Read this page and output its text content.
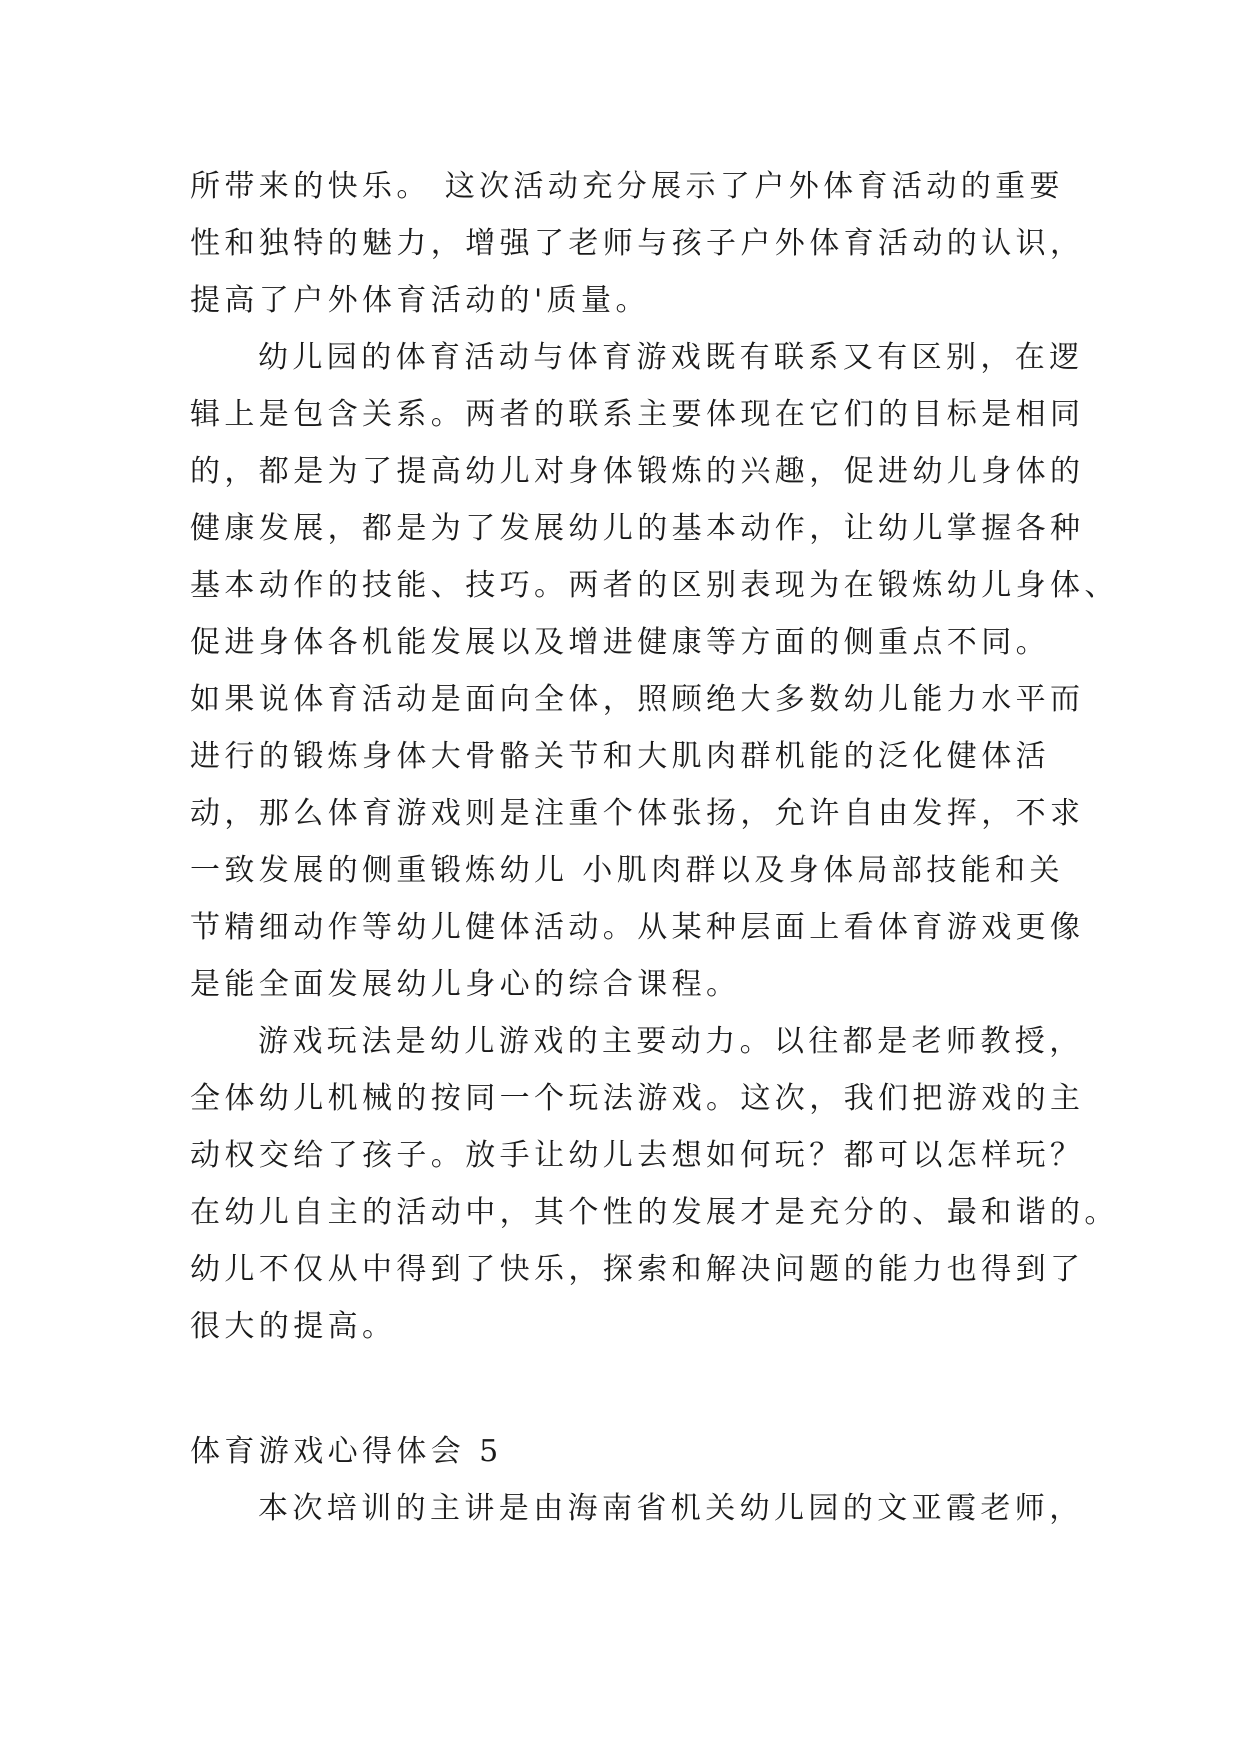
所带来的快乐。 这次活动充分展示了户外体育活动的重要
性和独特的魅力，增强了老师与孩子户外体育活动的认识，
提高了户外体育活动的'质量。
幼儿园的体育活动与体育游戏既有联系又有区别，在逻
辑上是包含关系。两者的联系主要体现在它们的目标是相同
的，都是为了提高幼儿对身体锻炼的兴趣，促进幼儿身体的
健康发展，都是为了发展幼儿的基本动作，让幼儿掌握各种
基本动作的技能、技巧。两者的区别表现为在锻炼幼儿身体、
促进身体各机能发展以及增进健康等方面的侧重点不同。
如果说体育活动是面向全体，照顾绝大多数幼儿能力水平而
进行的锻炼身体大骨骼关节和大肌肉群机能的泛化健体活
动，那么体育游戏则是注重个体张扬，允许自由发挥，不求
一致发展的侧重锻炼幼儿 小肌肉群以及身体局部技能和关
节精细动作等幼儿健体活动。从某种层面上看体育游戏更像
是能全面发展幼儿身心的综合课程。
游戏玩法是幼儿游戏的主要动力。以往都是老师教授，
全体幼儿机械的按同一个玩法游戏。这次，我们把游戏的主
动权交给了孩子。放手让幼儿去想如何玩？都可以怎样玩？
在幼儿自主的活动中，其个性的发展才是充分的、最和谐的。
幼儿不仅从中得到了快乐，探索和解决问题的能力也得到了
很大的提高。
体育游戏心得体会 5
本次培训的主讲是由海南省机关幼儿园的文亚霞老师，
